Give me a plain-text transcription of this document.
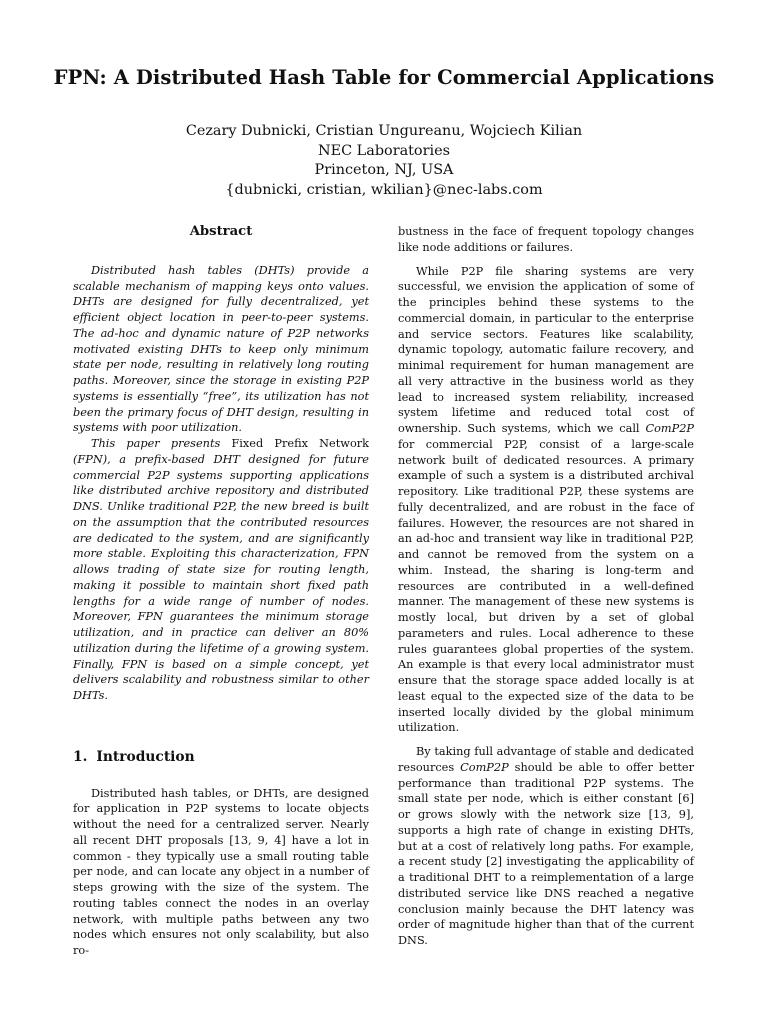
FPN: A Distributed Hash Table for Commercial Applications
Cezary Dubnicki, Cristian Ungureanu, Wojciech Kilian
NEC Laboratories
Princeton, NJ, USA
{dubnicki, cristian, wkilian}@nec-labs.com
Abstract

Distributed hash tables (DHTs) provide a scalable mechanism of mapping keys onto values. DHTs are designed for fully decentralized, yet efficient object location in peer-to-peer systems. The ad-hoc and dynamic nature of P2P networks motivated existing DHTs to keep only minimum state per node, resulting in relatively long routing paths. Moreover, since the storage in existing P2P systems is essentially “free”, its utilization has not been the primary focus of DHT design, resulting in systems with poor utilization.

This paper presents Fixed Prefix Network (FPN), a prefix-based DHT designed for future commercial P2P systems supporting applications like distributed archive repository and distributed DNS. Unlike traditional P2P, the new breed is built on the assumption that the contributed resources are dedicated to the system, and are significantly more stable. Exploiting this characterization, FPN allows trading of state size for routing length, making it possible to maintain short fixed path lengths for a wide range of number of nodes. Moreover, FPN guarantees the minimum storage utilization, and in practice can deliver an 80% utilization during the lifetime of a growing system. Finally, FPN is based on a simple concept, yet delivers scalability and robustness similar to other DHTs.

1. Introduction

Distributed hash tables, or DHTs, are designed for application in P2P systems to locate objects without the need for a centralized server. Nearly all recent DHT proposals [13, 9, 4] have a lot in common - they typically use a small routing table per node, and can locate any object in a number of steps growing with the size of the system. The routing tables connect the nodes in an overlay network, with multiple paths between any two nodes which ensures not only scalability, but also ro-

bustness in the face of frequent topology changes like node additions or failures.

While P2P file sharing systems are very successful, we envision the application of some of the principles behind these systems to the commercial domain, in particular to the enterprise and service sectors. Features like scalability, dynamic topology, automatic failure recovery, and minimal requirement for human management are all very attractive in the business world as they lead to increased system reliability, increased system lifetime and reduced total cost of ownership. Such systems, which we call ComP2P for commercial P2P, consist of a large-scale network built of dedicated resources. A primary example of such a system is a distributed archival repository. Like traditional P2P, these systems are fully decentralized, and are robust in the face of failures. However, the resources are not shared in an ad-hoc and transient way like in traditional P2P, and cannot be removed from the system on a whim. Instead, the sharing is long-term and resources are contributed in a well-defined manner. The management of these new systems is mostly local, but driven by a set of global parameters and rules. Local adherence to these rules guarantees global properties of the system. An example is that every local administrator must ensure that the storage space added locally is at least equal to the expected size of the data to be inserted locally divided by the global minimum utilization.

By taking full advantage of stable and dedicated resources ComP2P should be able to offer better performance than traditional P2P systems. The small state per node, which is either constant [6] or grows slowly with the network size [13, 9], supports a high rate of change in existing DHTs, but at a cost of relatively long paths. For example, a recent study [2] investigating the applicability of a traditional DHT to a reimplementation of a large distributed service like DNS reached a negative conclusion mainly because the DHT latency was order of magnitude higher than that of the current DNS.
